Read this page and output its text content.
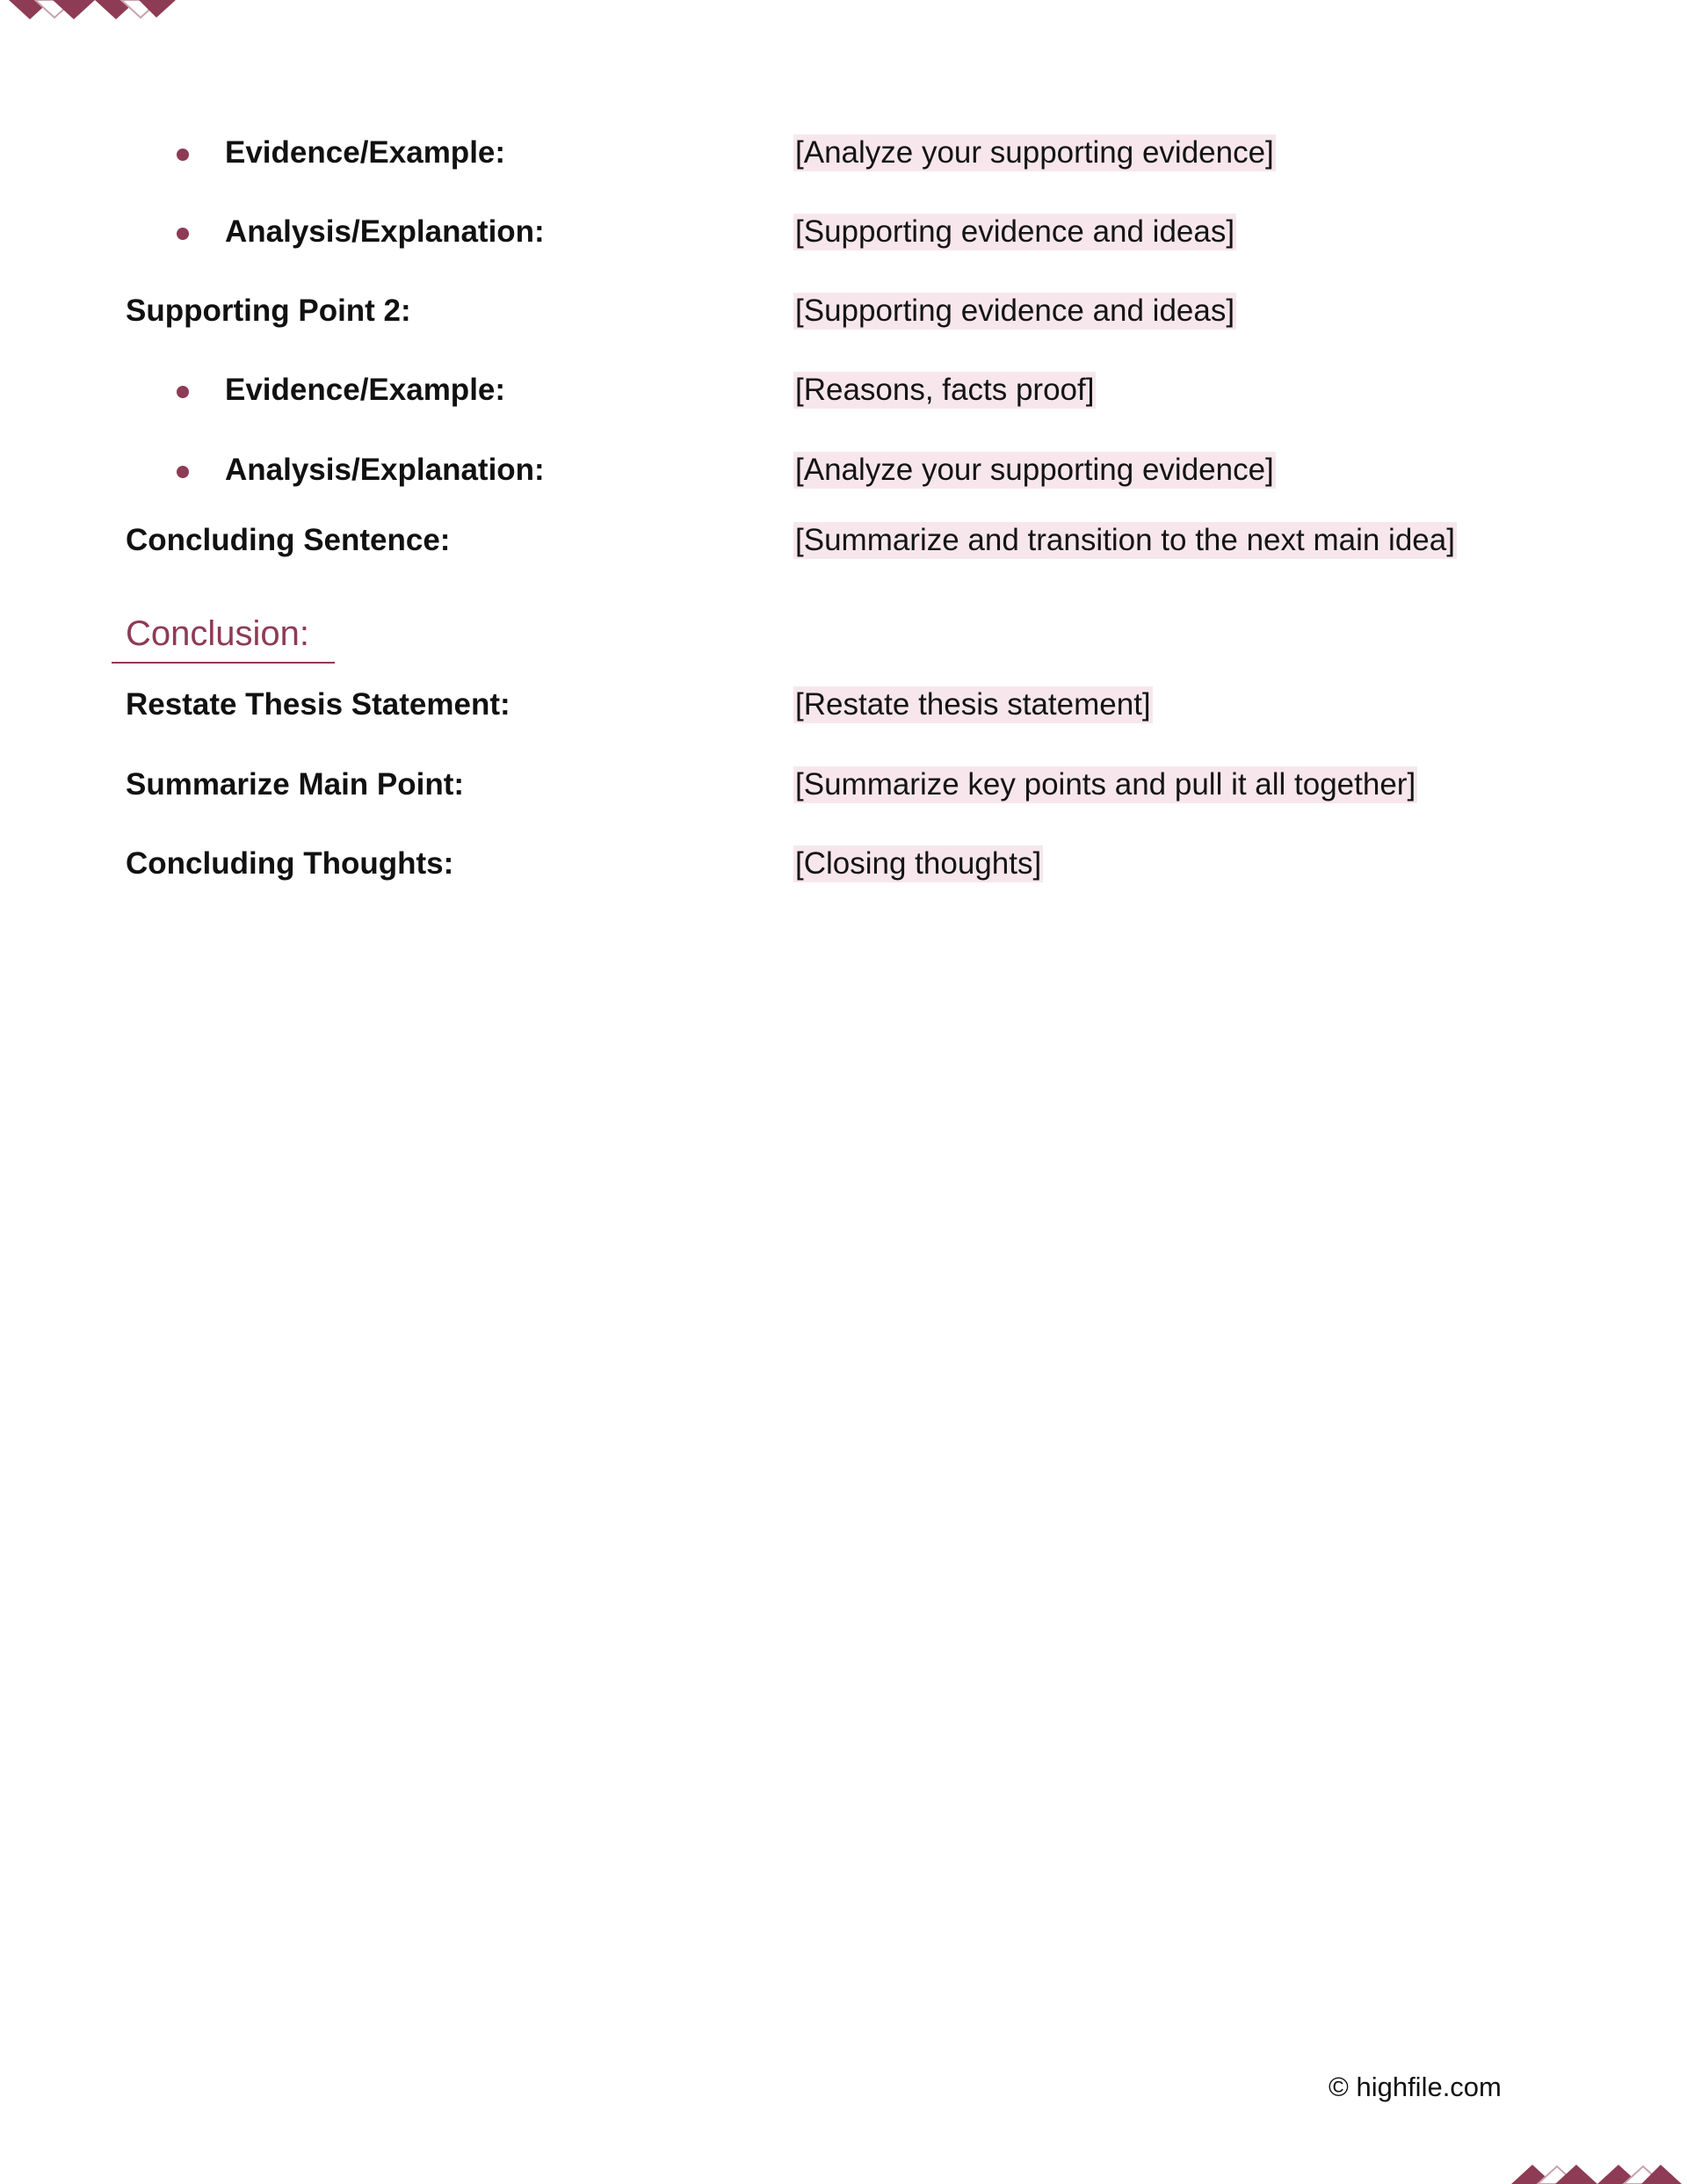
Evidence/Example:	[Analyze your supporting evidence]
Analysis/Explanation:	[Supporting evidence and ideas]
Supporting Point 2:	[Supporting evidence and ideas]
Evidence/Example:	[Reasons, facts proof]
Analysis/Explanation:	[Analyze your supporting evidence]
Concluding Sentence:	[Summarize and transition to the next main idea]
Conclusion:
Restate Thesis Statement:	[Restate thesis statement]
Summarize Main Point:	[Summarize key points and pull it all together]
Concluding Thoughts:	[Closing thoughts]
© highfile.com
